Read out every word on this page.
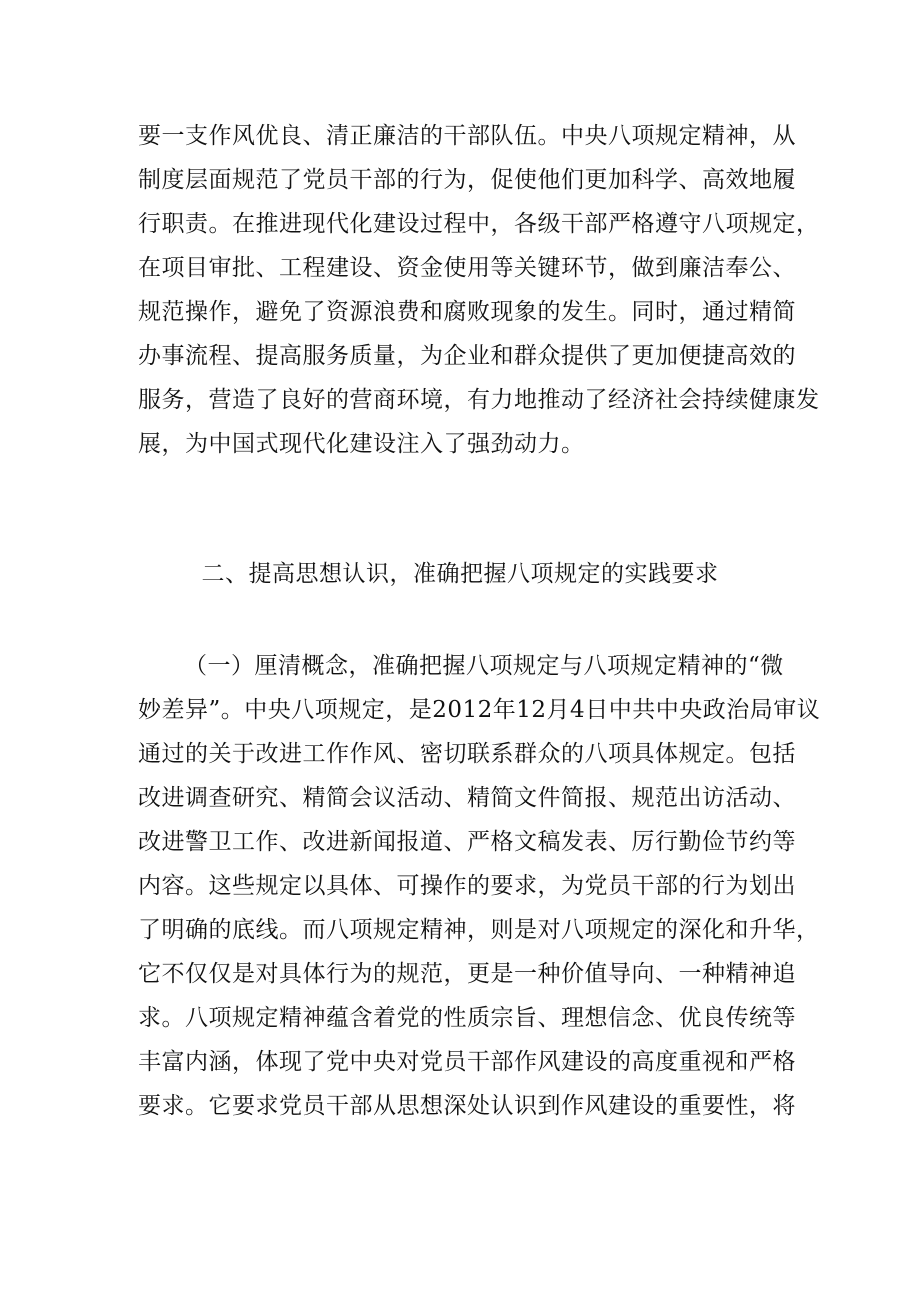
要一支作风优良、清正廉洁的干部队伍。中央八项规定精神，从
制度层面规范了党员干部的行为，促使他们更加科学、高效地履
行职责。在推进现代化建设过程中，各级干部严格遵守八项规定，
在项目审批、工程建设、资金使用等关键环节，做到廉洁奉公、
规范操作，避免了资源浪费和腐败现象的发生。同时，通过精简
办事流程、提高服务质量，为企业和群众提供了更加便捷高效的
服务，营造了良好的营商环境，有力地推动了经济社会持续健康发
展，为中国式现代化建设注入了强劲动力。
二、提高思想认识，准确把握八项规定的实践要求
（一）厘清概念，准确把握八项规定与八项规定精神的“微
妙差异”。中央八项规定，是2012年12月4日中共中央政治局审议
通过的关于改进工作作风、密切联系群众的八项具体规定。包括
改进调查研究、精简会议活动、精简文件简报、规范出访活动、
改进警卫工作、改进新闻报道、严格文稿发表、厉行勤俭节约等
内容。这些规定以具体、可操作的要求，为党员干部的行为划出
了明确的底线。而八项规定精神，则是对八项规定的深化和升华，
它不仅仅是对具体行为的规范，更是一种价值导向、一种精神追
求。八项规定精神蕴含着党的性质宗旨、理想信念、优良传统等
丰富内涵，体现了党中央对党员干部作风建设的高度重视和严格
要求。它要求党员干部从思想深处认识到作风建设的重要性，将
